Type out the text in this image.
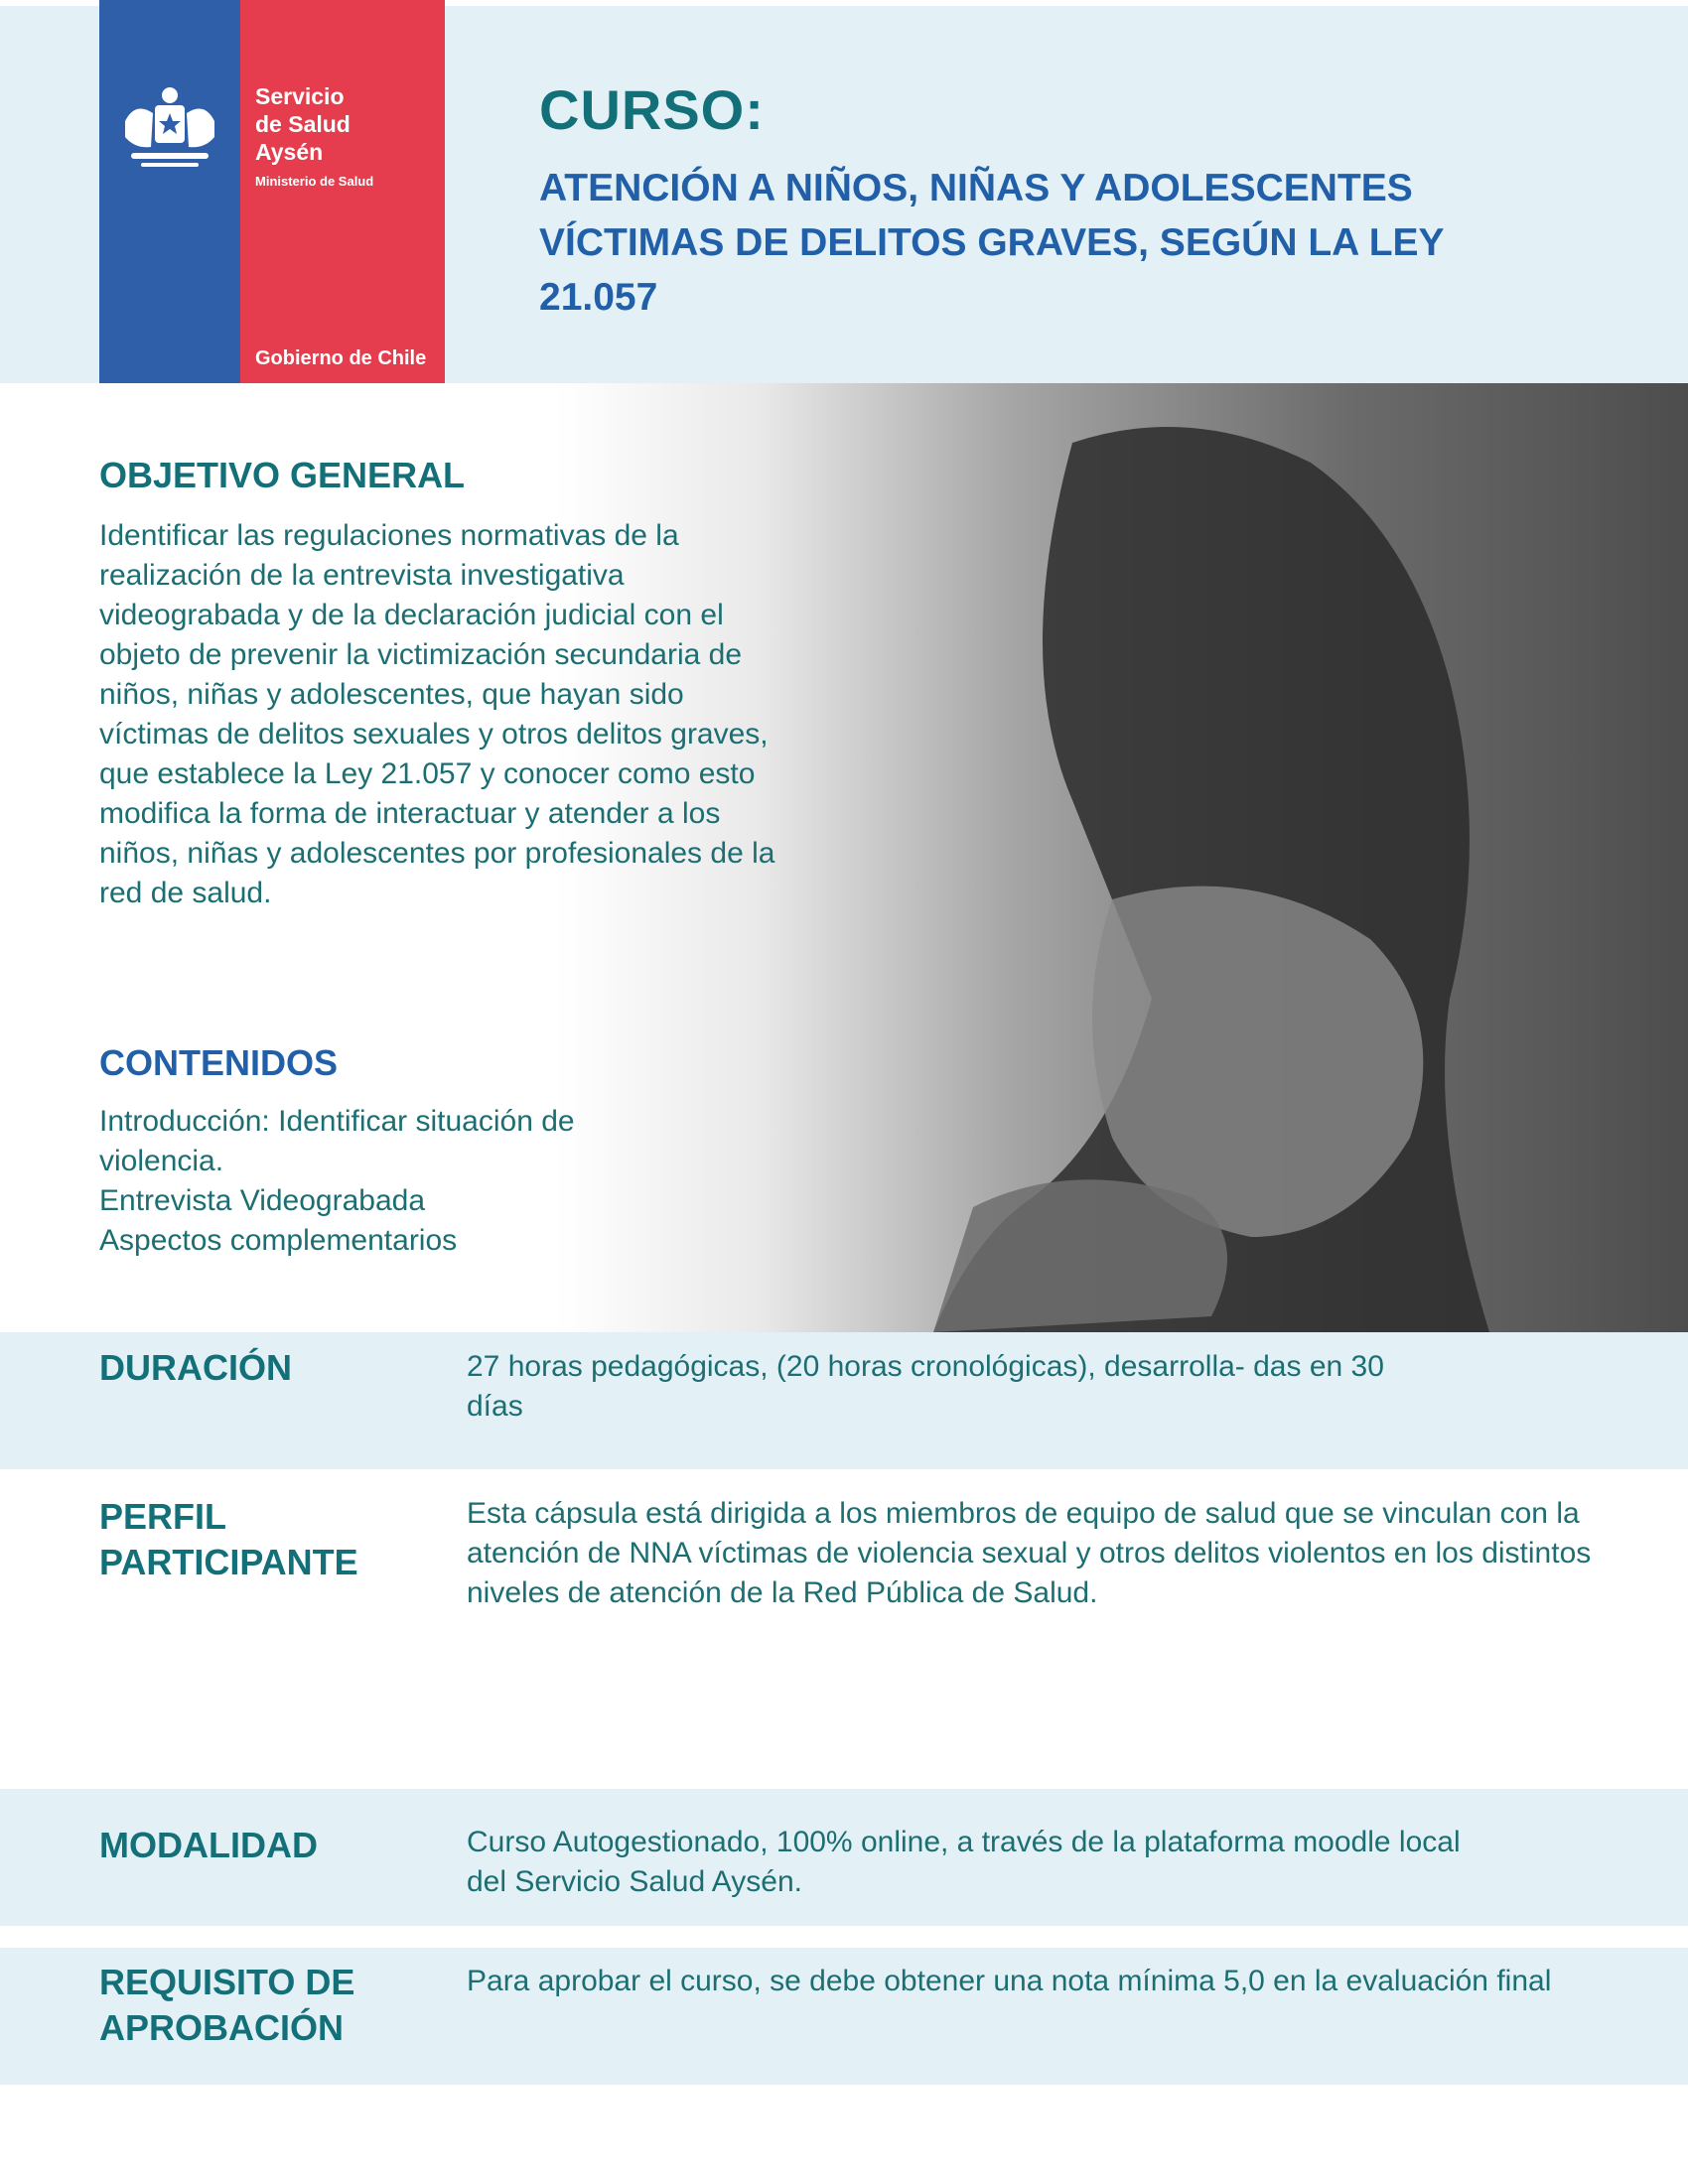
Servicio
de Salud
Aysén
Ministerio de Salud
Gobierno de Chile
CURSO:
ATENCIÓN A NIÑOS, NIÑAS Y ADOLESCENTES VÍCTIMAS DE DELITOS GRAVES, SEGÚN LA LEY 21.057
OBJETIVO GENERAL
Identificar las regulaciones normativas de la realización de la entrevista investigativa videograbada y de la declaración judicial con el objeto de prevenir la victimización secundaria de niños, niñas y adolescentes, que hayan sido víctimas de delitos sexuales y otros delitos graves, que establece la Ley 21.057 y conocer como esto modifica la forma de interactuar y atender a los niños, niñas y adolescentes por profesionales de la red de salud.
CONTENIDOS
Introducción: Identificar situación de violencia.
Entrevista Videograbada
Aspectos complementarios
DURACIÓN	27 horas pedagógicas, (20 horas cronológicas), desarrolla- das en 30 días
PERFIL
PARTICIPANTE
Esta cápsula está dirigida a los miembros de equipo de salud que se vinculan con la atención de NNA víctimas de violencia sexual y otros delitos violentos en los distintos niveles de atención de la Red Pública de Salud.
MODALIDAD	Curso Autogestionado, 100% online, a través de la plataforma moodle local del Servicio Salud Aysén.
REQUISITO DE
APROBACIÓN
Para aprobar el curso, se debe obtener una nota mínima 5,0 en la evaluación final
